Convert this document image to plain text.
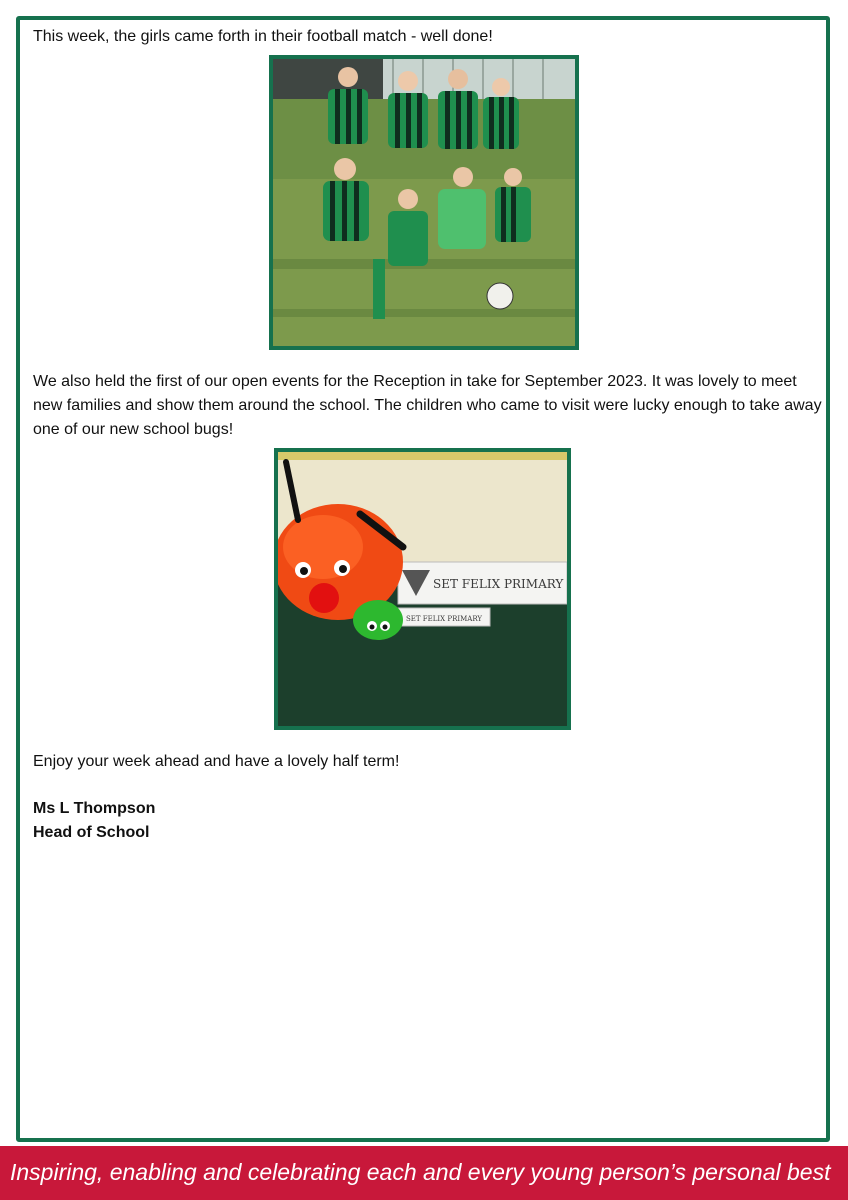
This week, the girls came forth in their football match - well done!

We also held the first of our open events for the Reception in take for September 2023. It was lovely to meet new families and show them around the school. The children who came to visit were lucky enough to take away one of our new school bugs!

SET FELIX PRIMARY
SET FELIX PRIMARY

Enjoy your week ahead and have a lovely half term!

Ms L Thompson

Head of School

Inspiring, enabling and celebrating each and every young person’s personal best
